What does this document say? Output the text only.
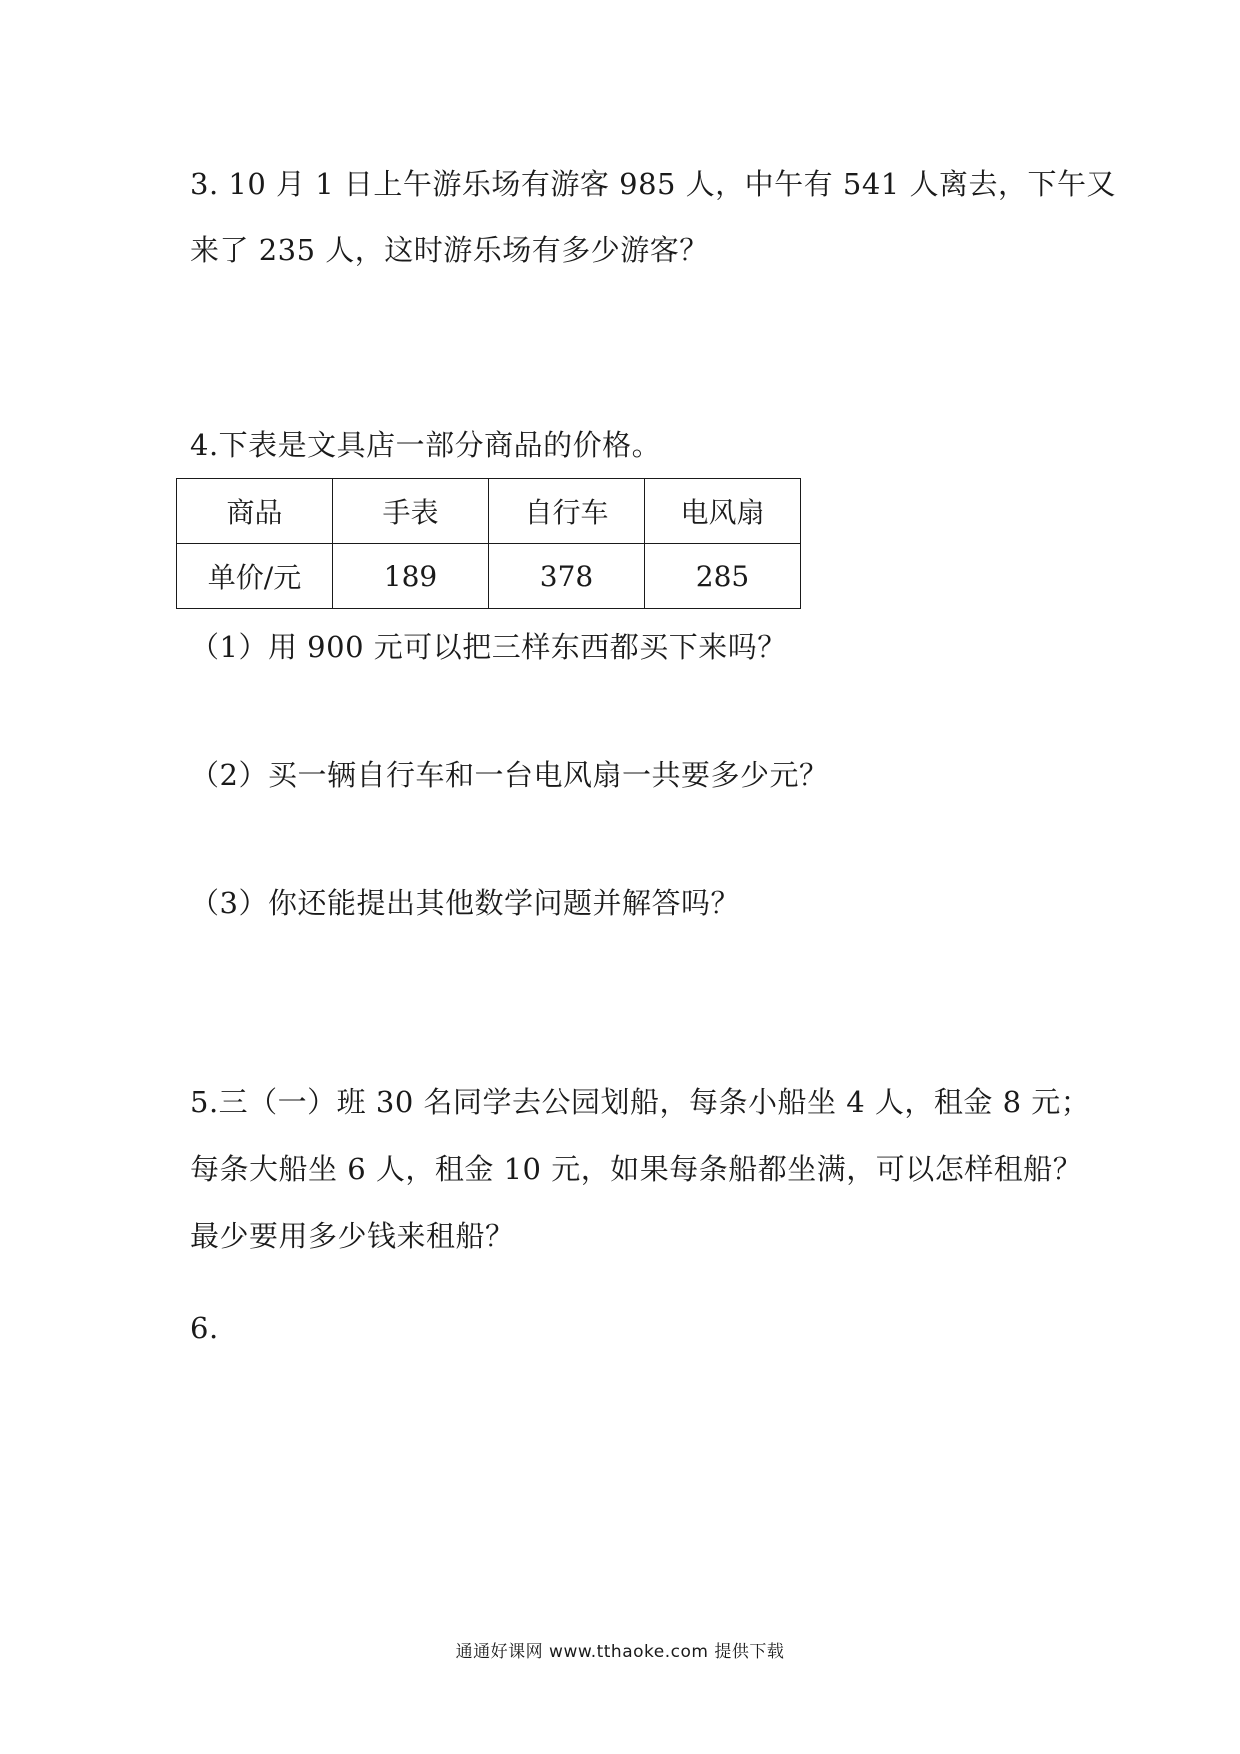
3. 10 月 1 日上午游乐场有游客 985 人，中午有 541 人离去，下午又
来了 235 人，这时游乐场有多少游客？
4.下表是文具店一部分商品的价格。
商品	手表	自行车	电风扇
单价/元	189	378	285
（1）用 900 元可以把三样东西都买下来吗？
（2）买一辆自行车和一台电风扇一共要多少元？
（3）你还能提出其他数学问题并解答吗？
5.三（一）班 30 名同学去公园划船，每条小船坐 4 人，租金 8 元；
每条大船坐 6 人，租金 10 元，如果每条船都坐满，可以怎样租船？
最少要用多少钱来租船？
6.
通通好课网 www.tthaoke.com 提供下载
